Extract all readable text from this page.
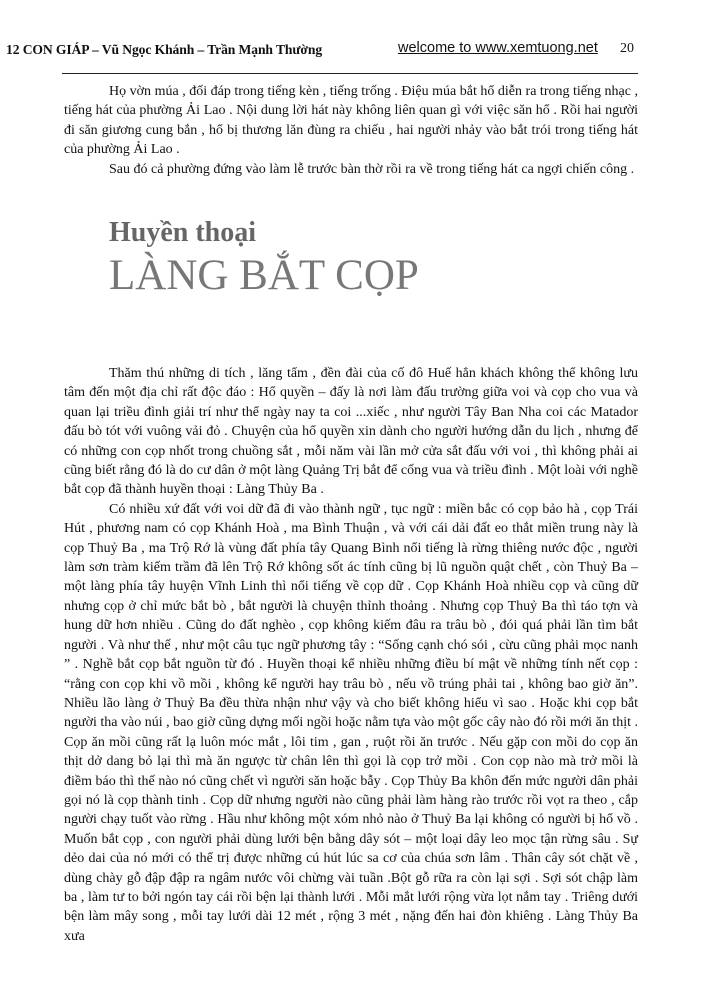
12 CON GIÁP – Vũ Ngọc Khánh – Trần Mạnh Thường	welcome to www.xemtuong.net 20

Họ vờn múa , đối đáp trong tiếng kèn , tiếng trống . Điệu múa bắt hổ diễn ra trong tiếng nhạc , tiếng hát của phường Ải Lao . Nội dung lời hát này không liên quan gì với việc săn hổ . Rồi hai người đi săn giương cung bắn , hổ bị thương lăn đùng ra chiếu , hai người nhảy vào bắt trói trong tiếng hát của phường Ải Lao .

Sau đó cả phường đứng vào làm lễ trước bàn thờ rồi ra về trong tiếng hát ca ngợi chiến công .

Huyền thoại
LÀNG BẮT CỌP

Thăm thú những di tích , lăng tẩm , đền đài của cố đô Huế hẳn khách không thể không lưu tâm đến một địa chỉ rất độc đáo : Hổ quyền – đấy là nơi làm đấu trường giữa voi và cọp cho vua và quan lại triều đình giải trí như thể ngày nay ta coi ...xiếc , như người Tây Ban Nha coi các Matador đấu bò tót với vuông vải đỏ . Chuyện của hổ quyền xin dành cho người hướng dẫn du lịch , nhưng để có những con cọp nhốt trong chuồng sắt , mỗi năm vài lần mở cửa sắt đấu với voi , thì không phải ai cũng biết rằng đó là do cư dân ở một làng Quảng Trị bắt để cống vua và triều đình . Một loài với nghề bắt cọp đã thành huyền thoại : Làng Thủy Ba .

Có nhiều xứ đất với voi dữ đã đi vào thành ngữ , tục ngữ : miền bắc có cọp bảo hà , cọp Trái Hút , phương nam có cọp Khánh Hoà , ma Bình Thuận , và với cái dải đất eo thắt miền trung này là cọp Thuỷ Ba , ma Trộ Rớ là vùng đất phía tây Quang Bình nổi tiếng là rừng thiêng nước độc , người làm sơn tràm kiếm trầm đã lên Trộ Rớ không sốt ác tính cũng bị lũ nguồn quật chết , còn Thuỷ Ba – một làng phía tây huyện Vĩnh Linh thì nổi tiếng về cọp dữ . Cọp Khánh Hoà nhiều cọp và cũng dữ nhưng cọp ở chỉ mức bắt bò , bắt người là chuyện thỉnh thoảng . Nhưng cọp Thuỷ Ba thì táo tợn và hung dữ hơn nhiều . Cũng do đất nghèo , cọp không kiếm đâu ra trâu bò , đói quá phải lần tìm bắt người . Và như thế , như một câu tục ngữ phương tây : “Sống cạnh chó sói , cừu cũng phải mọc nanh ” . Nghề bắt cọp bắt nguồn từ đó . Huyền thoại kể nhiều những điều bí mật về những tính nết cọp : “rằng con cọp khi vồ mồi , không kể người hay trâu bò , nếu vồ trúng phải tai , không bao giờ ăn”. Nhiều lão làng ở Thuỷ Ba đều thừa nhận như vậy và cho biết không hiểu vì sao . Hoặc khi cọp bắt người tha vào núi , bao giờ cũng dựng mối ngồi hoặc nằm tựa vào một gốc cây nào đó rồi mới ăn thịt . Cọp ăn mồi cũng rất lạ luôn móc mắt , lôi tim , gan , ruột rồi ăn trước . Nếu gặp con mồi do cọp ăn thịt dở dang bỏ lại thì mà ăn ngược từ chân lên thì gọi là cọp trở mồi . Con cọp nào mà trở mồi là điềm báo thì thế nào nó cũng chết vì người săn hoặc bẫy . Cọp Thủy Ba khôn đến mức người dân phải gọi nó là cọp thành tinh . Cọp dữ nhưng người nào cũng phải làm hàng rào trước rồi vọt ra theo , cắp người chạy tuốt vào rừng . Hầu như không một xóm nhỏ nào ở Thuỷ Ba lại không có người bị hổ vồ . Muốn bắt cọp , con người phải dùng lưới bện bằng dây sót – một loại dây leo mọc tận rừng sâu . Sự dẻo dai của nó mới có thể trị được những cú hút lúc sa cơ của chúa sơn lâm . Thân cây sót chặt về , dùng chày gỗ đập đập ra ngâm nước vôi chừng vài tuần .Bột gỗ rữa ra còn lại sợi . Sợi sót chập làm ba , làm tư to bởi ngón tay cái rồi bện lại thành lưới . Mỗi mắt lưới rộng vừa lọt nắm tay . Triêng dưới bện làm mây song , mỗi tay lưới dài 12 mét , rộng 3 mét , nặng đến hai đòn khiêng . Làng Thủy Ba xưa
